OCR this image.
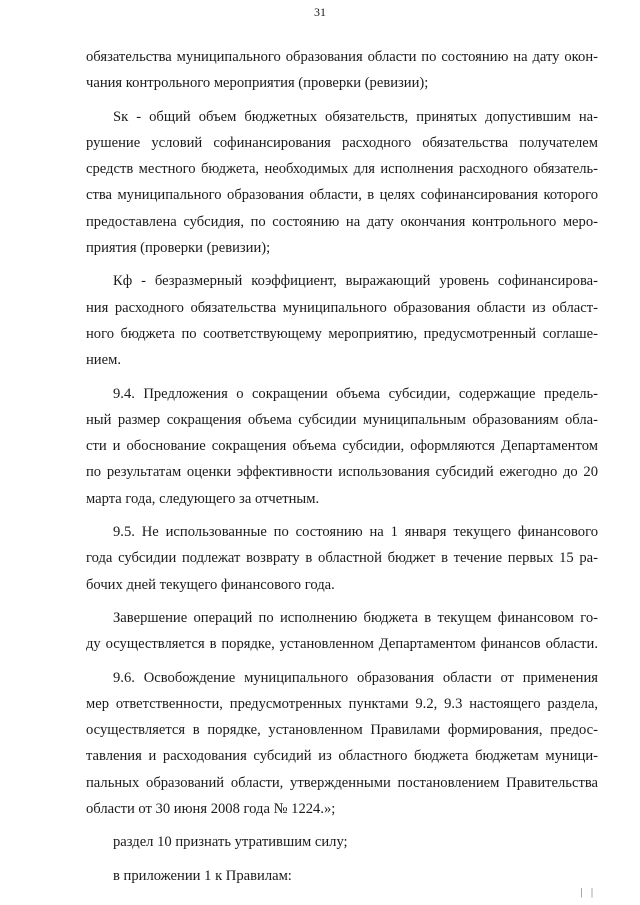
31
обязательства муниципального образования области по состоянию на дату окон-
чания контрольного мероприятия (проверки (ревизии);
Sк - общий объем бюджетных обязательств, принятых допустившим на-
рушение условий софинансирования расходного обязательства получателем
средств местного бюджета, необходимых для исполнения расходного обязатель-
ства муниципального образования области, в целях софинансирования которого
предоставлена субсидия, по состоянию на дату окончания контрольного меро-
приятия (проверки (ревизии);
Кф - безразмерный коэффициент, выражающий уровень софинансирова-
ния расходного обязательства муниципального образования области из област-
ного бюджета по соответствующему мероприятию, предусмотренный соглаше-
нием.
9.4. Предложения о сокращении объема субсидии, содержащие предель-
ный размер сокращения объема субсидии муниципальным образованиям обла-
сти и обоснование сокращения объема субсидии, оформляются Департаментом
по результатам оценки эффективности использования субсидий ежегодно до 20
марта года, следующего за отчетным.
9.5. Не использованные по состоянию на 1 января текущего финансового
года субсидии подлежат возврату в областной бюджет в течение первых 15 ра-
бочих дней текущего финансового года.
Завершение операций по исполнению бюджета в текущем финансовом го-
ду осуществляется в порядке, установленном Департаментом финансов области.
9.6. Освобождение муниципального образования области от применения
мер ответственности, предусмотренных пунктами 9.2, 9.3 настоящего раздела,
осуществляется в порядке, установленном Правилами формирования, предос-
тавления и расходования субсидий из областного бюджета бюджетам муници-
пальных образований области, утвержденными постановлением Правительства
области от 30 июня 2008 года № 1224.»;
раздел 10 признать утратившим силу;
в приложении 1 к Правилам:
| |
